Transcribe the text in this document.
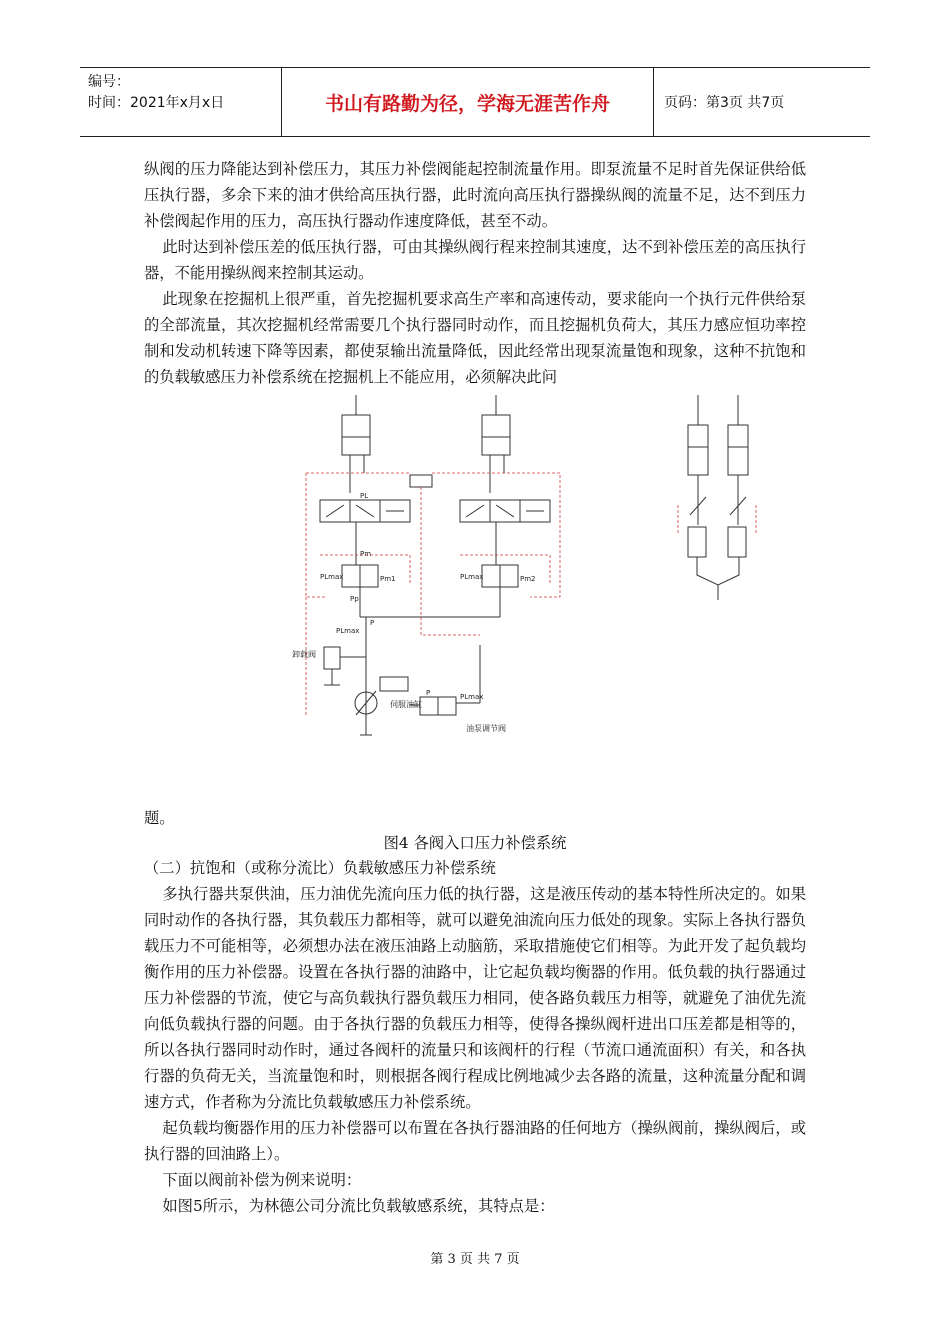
编号：
时间：2021年x月x日	书山有路勤为径，学海无涯苦作舟	页码：第3页 共7页

纵阀的压力降能达到补偿压力，其压力补偿阀能起控制流量作用。即泵流量不足时首先保证供给低压执行器，多余下来的油才供给高压执行器，此时流向高压执行器操纵阀的流量不足，达不到压力补偿阀起作用的压力，高压执行器动作速度降低，甚至不动。

此时达到补偿压差的低压执行器，可由其操纵阀行程来控制其速度，达不到补偿压差的高压执行器，不能用操纵阀来控制其运动。

此现象在挖掘机上很严重，首先挖掘机要求高生产率和高速传动，要求能向一个执行元件供给泵的全部流量，其次挖掘机经常需要几个执行器同时动作，而且挖掘机负荷大，其压力感应恒功率控制和发动机转速下降等因素，都使泵输出流量降低，因此经常出现泵流量饱和现象，这种不抗饱和的负载敏感压力补偿系统在挖掘机上不能应用，必须解决此问

PL
Pm
PLmax	Pm1
Pp
PLmax	Pm2
P
PLmax
卸载阀
伺服油缸
P	PLmax
油泵调节阀

题。

图4 各阀入口压力补偿系统

（二）抗饱和（或称分流比）负载敏感压力补偿系统

多执行器共泵供油，压力油优先流向压力低的执行器，这是液压传动的基本特性所决定的。如果同时动作的各执行器，其负载压力都相等，就可以避免油流向压力低处的现象。实际上各执行器负载压力不可能相等，必须想办法在液压油路上动脑筋，采取措施使它们相等。为此开发了起负载均衡作用的压力补偿器。设置在各执行器的油路中，让它起负载均衡器的作用。低负载的执行器通过压力补偿器的节流，使它与高负载执行器负载压力相同，使各路负载压力相等，就避免了油优先流向低负载执行器的问题。由于各执行器的负载压力相等，使得各操纵阀杆进出口压差都是相等的，所以各执行器同时动作时，通过各阀杆的流量只和该阀杆的行程（节流口通流面积）有关，和各执行器的负荷无关，当流量饱和时，则根据各阀行程成比例地减少去各路的流量，这种流量分配和调速方式，作者称为分流比负载敏感压力补偿系统。

起负载均衡器作用的压力补偿器可以布置在各执行器油路的任何地方（操纵阀前，操纵阀后，或执行器的回油路上）。

下面以阀前补偿为例来说明：

如图5所示，为林德公司分流比负载敏感系统，其特点是：

第 3 页 共 7 页
